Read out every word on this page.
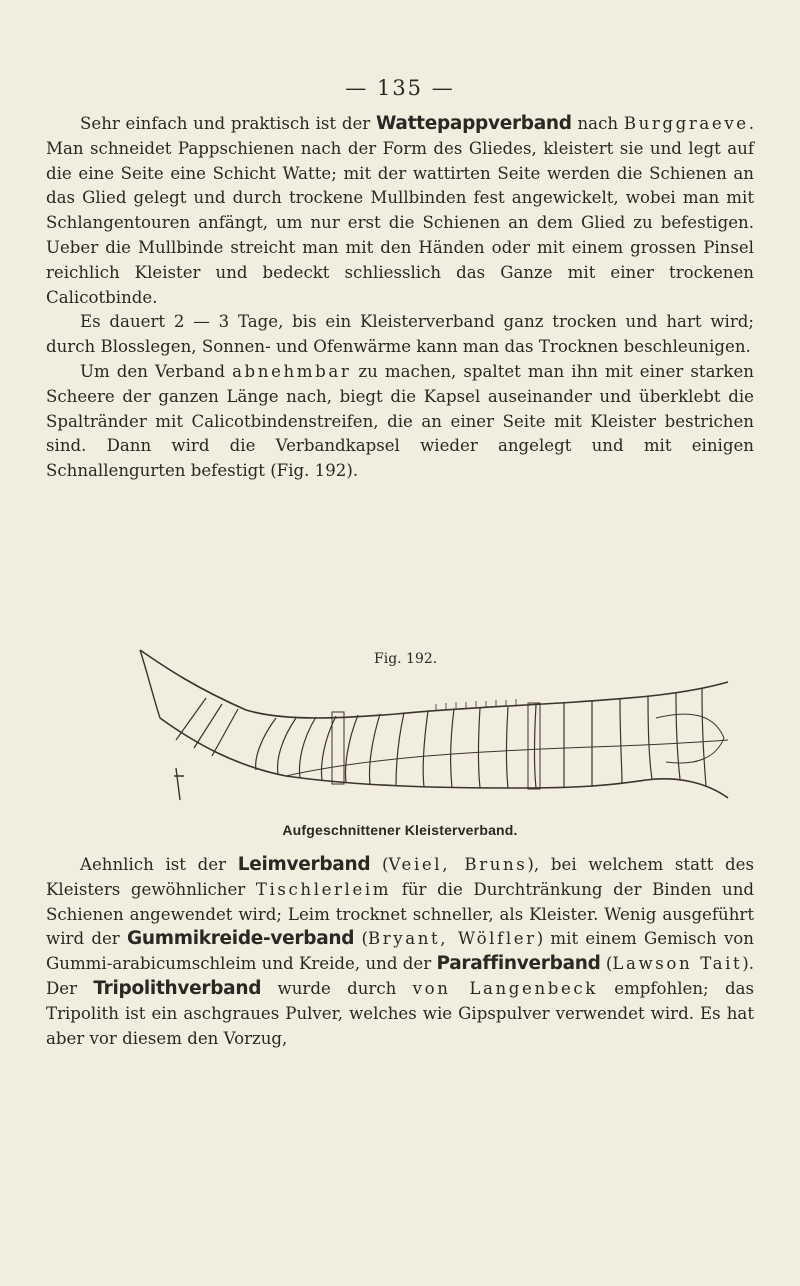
— 135 —

Sehr einfach und praktisch ist der Wattepappverband nach Burggraeve. Man schneidet Pappschienen nach der Form des Gliedes, kleistert sie und legt auf die eine Seite eine Schicht Watte; mit der wattirten Seite werden die Schienen an das Glied gelegt und durch trockene Mullbinden fest angewickelt, wobei man mit Schlangentouren anfängt, um nur erst die Schienen an dem Glied zu befestigen. Ueber die Mullbinde streicht man mit den Händen oder mit einem grossen Pinsel reichlich Kleister und bedeckt schliesslich das Ganze mit einer trockenen Calicotbinde.

Es dauert 2 — 3 Tage, bis ein Kleisterverband ganz trocken und hart wird; durch Blosslegen, Sonnen- und Ofenwärme kann man das Trocknen beschleunigen.

Um den Verband abnehmbar zu machen, spaltet man ihn mit einer starken Scheere der ganzen Länge nach, biegt die Kapsel auseinander und überklebt die Spaltränder mit Calicotbindenstreifen, die an einer Seite mit Kleister bestrichen sind. Dann wird die Verbandkapsel wieder angelegt und mit einigen Schnallengurten befestigt (Fig. 192).

Fig. 192.
Aufgeschnittener Kleisterverband.

Aehnlich ist der Leimverband (Veiel, Bruns), bei welchem statt des Kleisters gewöhnlicher Tischlerleim für die Durchtränkung der Binden und Schienen angewendet wird; Leim trocknet schneller, als Kleister. Wenig ausgeführt wird der Gummikreide-verband (Bryant, Wölfler) mit einem Gemisch von Gummi-arabicumschleim und Kreide, und der Paraffinverband (Lawson Tait). Der Tripolithverband wurde durch von Langenbeck empfohlen; das Tripolith ist ein aschgraues Pulver, welches wie Gipspulver verwendet wird. Es hat aber vor diesem den Vorzug,
